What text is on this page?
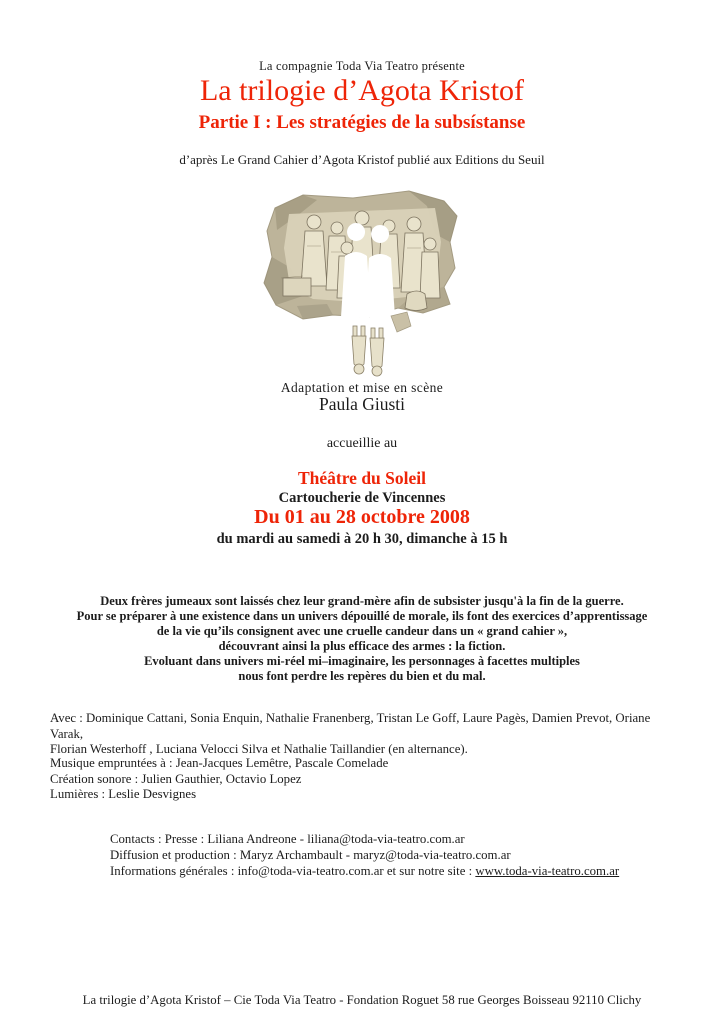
La compagnie Toda Via Teatro présente
La trilogie d’Agota Kristof
Partie I : Les stratégies de la subsístanse
d’après Le Grand Cahier d’Agota Kristof publié aux Editions du Seuil
Adaptation et mise en scène
Paula Giusti
accueillie au
Théâtre du Soleil
Cartoucherie de Vincennes
Du 01 au 28 octobre 2008
du mardi au samedi à 20 h 30, dimanche à 15 h
Deux frères jumeaux sont laissés chez leur grand-mère afin de subsister jusqu'à la fin de la guerre.
Pour se préparer à une existence dans un univers dépouillé de morale, ils font des exercices d’apprentissage
de la vie qu’ils consignent avec une cruelle candeur dans un « grand cahier »,
découvrant ainsi la plus efficace des armes : la fiction.
Evoluant dans univers mi-réel mi–imaginaire, les personnages à facettes multiples
nous font perdre les repères du bien et du mal.
Avec : Dominique Cattani, Sonia Enquin, Nathalie Franenberg, Tristan Le Goff, Laure Pagès, Damien Prevot, Oriane Varak,
Florian Westerhoff , Luciana Velocci Silva et Nathalie Taillandier (en alternance).
Musique empruntées à : Jean-Jacques Lemêtre, Pascale Comelade
Création sonore : Julien Gauthier, Octavio Lopez
Lumières : Leslie Desvignes
Contacts : Presse : Liliana Andreone - liliana@toda-via-teatro.com.ar
Diffusion et production : Maryz Archambault - maryz@toda-via-teatro.com.ar
Informations générales : info@toda-via-teatro.com.ar et sur notre site : www.toda-via-teatro.com.ar
La trilogie d’Agota Kristof – Cie Toda Via Teatro - Fondation Roguet 58 rue Georges Boisseau 92110 Clichy
